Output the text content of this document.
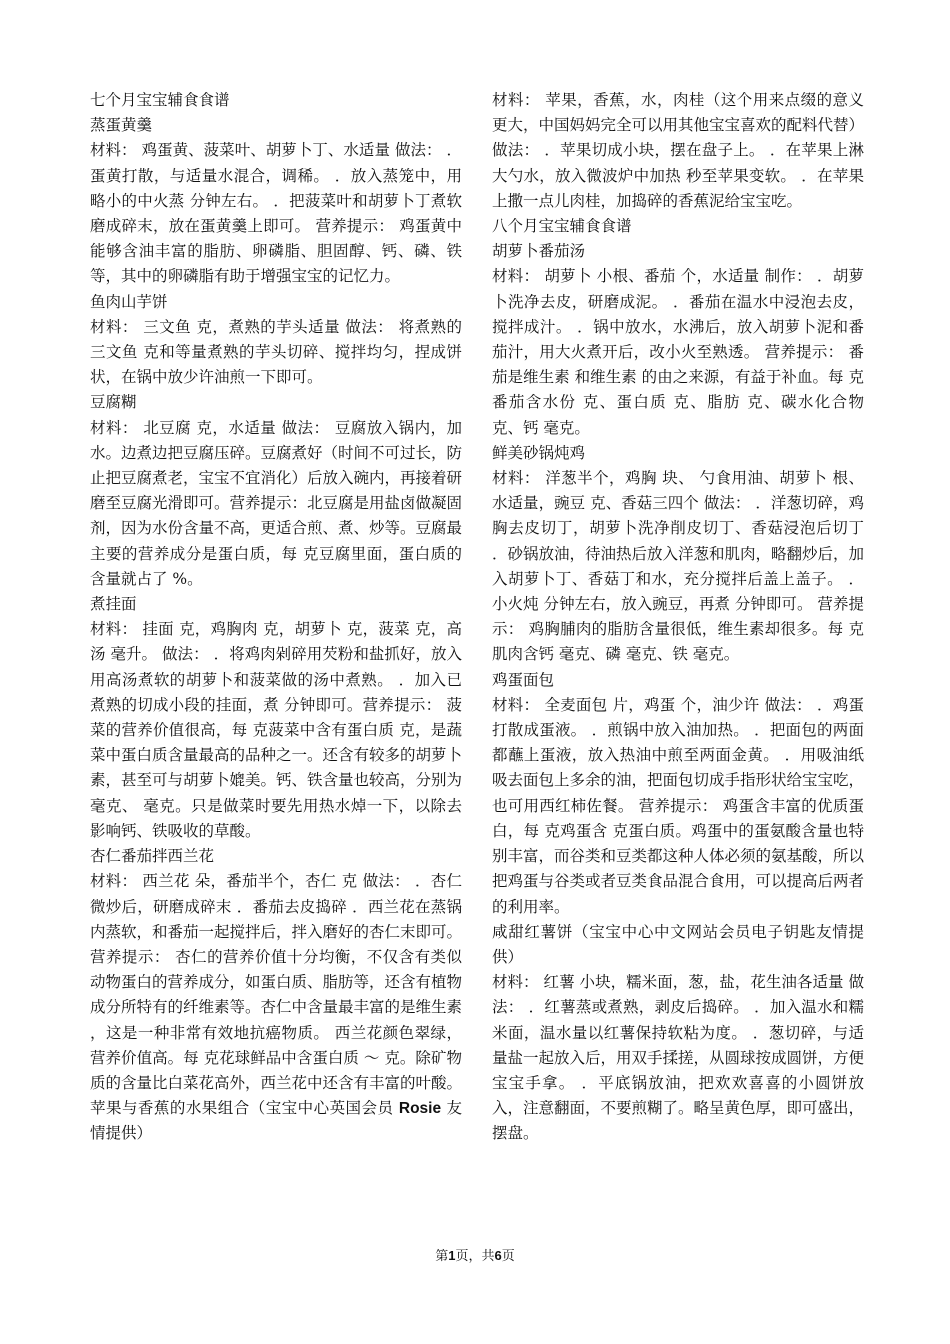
七个月宝宝辅食食谱

蒸蛋黄羹

材料： 鸡蛋黄、菠菜叶、胡萝卜丁、水适量 做法： ．蛋黄打散，与适量水混合，调稀。 ．放入蒸笼中，用略小的中火蒸 分钟左右。 ．把菠菜叶和胡萝卜丁煮软磨成碎末，放在蛋黄羹上即可。 营养提示： 鸡蛋黄中能够含油丰富的脂肪、卵磷脂、胆固醇、钙、磷、铁等，其中的卵磷脂有助于增强宝宝的记忆力。

鱼肉山芋饼

材料： 三文鱼 克，煮熟的芋头适量 做法： 将煮熟的三文鱼 克和等量煮熟的芋头切碎、搅拌均匀，捏成饼状，在锅中放少许油煎一下即可。

豆腐糊

材料： 北豆腐 克，水适量 做法： 豆腐放入锅内，加水。边煮边把豆腐压碎。豆腐煮好（时间不可过长，防止把豆腐煮老，宝宝不宜消化）后放入碗内，再接着研磨至豆腐光滑即可。营养提示：北豆腐是用盐卤做凝固剂，因为水份含量不高，更适合煎、煮、炒等。豆腐最主要的营养成分是蛋白质，每 克豆腐里面，蛋白质的含量就占了 %。

煮挂面

材料： 挂面 克，鸡胸肉 克，胡萝卜 克，菠菜 克，高汤 毫升。 做法： ．将鸡肉剁碎用芡粉和盐抓好，放入用高汤煮软的胡萝卜和菠菜做的汤中煮熟。 ．加入已煮熟的切成小段的挂面，煮 分钟即可。营养提示： 菠菜的营养价值很高，每 克菠菜中含有蛋白质 克，是蔬菜中蛋白质含量最高的品种之一。还含有较多的胡萝卜素，甚至可与胡萝卜媲美。钙、铁含量也较高，分别为 毫克、 毫克。只是做菜时要先用热水焯一下，以除去影响钙、铁吸收的草酸。

杏仁番茄拌西兰花

材料： 西兰花 朵，番茄半个，杏仁 克 做法： ．杏仁微炒后，研磨成碎末 ．番茄去皮捣碎 ．西兰花在蒸锅内蒸软，和番茄一起搅拌后，拌入磨好的杏仁末即可。 营养提示： 杏仁的营养价值十分均衡，不仅含有类似动物蛋白的营养成分，如蛋白质、脂肪等，还含有植物成分所特有的纤维素等。杏仁中含量最丰富的是维生素 ，这是一种非常有效地抗癌物质。 西兰花颜色翠绿，营养价值高。每 克花球鲜品中含蛋白质 ～ 克。除矿物质的含量比白菜花高外，西兰花中还含有丰富的叶酸。

苹果与香蕉的水果组合（宝宝中心英国会员 Rosie 友情提供）

材料： 苹果，香蕉，水，肉桂（这个用来点缀的意义更大，中国妈妈完全可以用其他宝宝喜欢的配料代替） 做法： ．苹果切成小块，摆在盘子上。 ．在苹果上淋 大勺水，放入微波炉中加热 秒至苹果变软。 ．在苹果上撒一点儿肉桂，加捣碎的香蕉泥给宝宝吃。

八个月宝宝辅食食谱

胡萝卜番茄汤

材料： 胡萝卜 小根、番茄 个，水适量 制作： ．胡萝卜洗净去皮，研磨成泥。 ．番茄在温水中浸泡去皮，搅拌成汁。 ．锅中放水，水沸后，放入胡萝卜泥和番茄汁，用大火煮开后，改小火至熟透。 营养提示： 番茄是维生素 和维生素 的由之来源，有益于补血。每 克番茄含水份 克、蛋白质 克、脂肪 克、碳水化合物 克、钙 毫克。

鲜美砂锅炖鸡

材料： 洋葱半个，鸡胸 块、 勺食用油、胡萝卜 根、水适量，豌豆 克、香菇三四个 做法： ．洋葱切碎，鸡胸去皮切丁，胡萝卜洗净削皮切丁、香菇浸泡后切丁 ．砂锅放油，待油热后放入洋葱和肌肉，略翻炒后，加入胡萝卜丁、香菇丁和水，充分搅拌后盖上盖子。 ．小火炖 分钟左右，放入豌豆，再煮 分钟即可。 营养提示： 鸡胸脯肉的脂肪含量很低，维生素却很多。每 克肌肉含钙 毫克、磷 毫克、铁 毫克。

鸡蛋面包

材料： 全麦面包 片，鸡蛋 个，油少许 做法： ．鸡蛋打散成蛋液。 ．煎锅中放入油加热。 ．把面包的两面都蘸上蛋液，放入热油中煎至两面金黄。 ．用吸油纸吸去面包上多余的油，把面包切成手指形状给宝宝吃，也可用西红柿佐餐。 营养提示： 鸡蛋含丰富的优质蛋白，每 克鸡蛋含 克蛋白质。鸡蛋中的蛋氨酸含量也特别丰富，而谷类和豆类都这种人体必须的氨基酸，所以把鸡蛋与谷类或者豆类食品混合食用，可以提高后两者的利用率。

咸甜红薯饼（宝宝中心中文网站会员电子钥匙友情提供）

材料： 红薯 小块，糯米面，葱，盐，花生油各适量 做法： ．红薯蒸或煮熟，剥皮后捣碎。 ．加入温水和糯米面，温水量以红薯保持软粘为度。 ．葱切碎，与适量盐一起放入后，用双手揉搓，从圆球按成圆饼，方便宝宝手拿。 ．平底锅放油，把欢欢喜喜的小圆饼放入，注意翻面，不要煎糊了。略呈黄色厚，即可盛出，摆盘。

第1页，共6页
